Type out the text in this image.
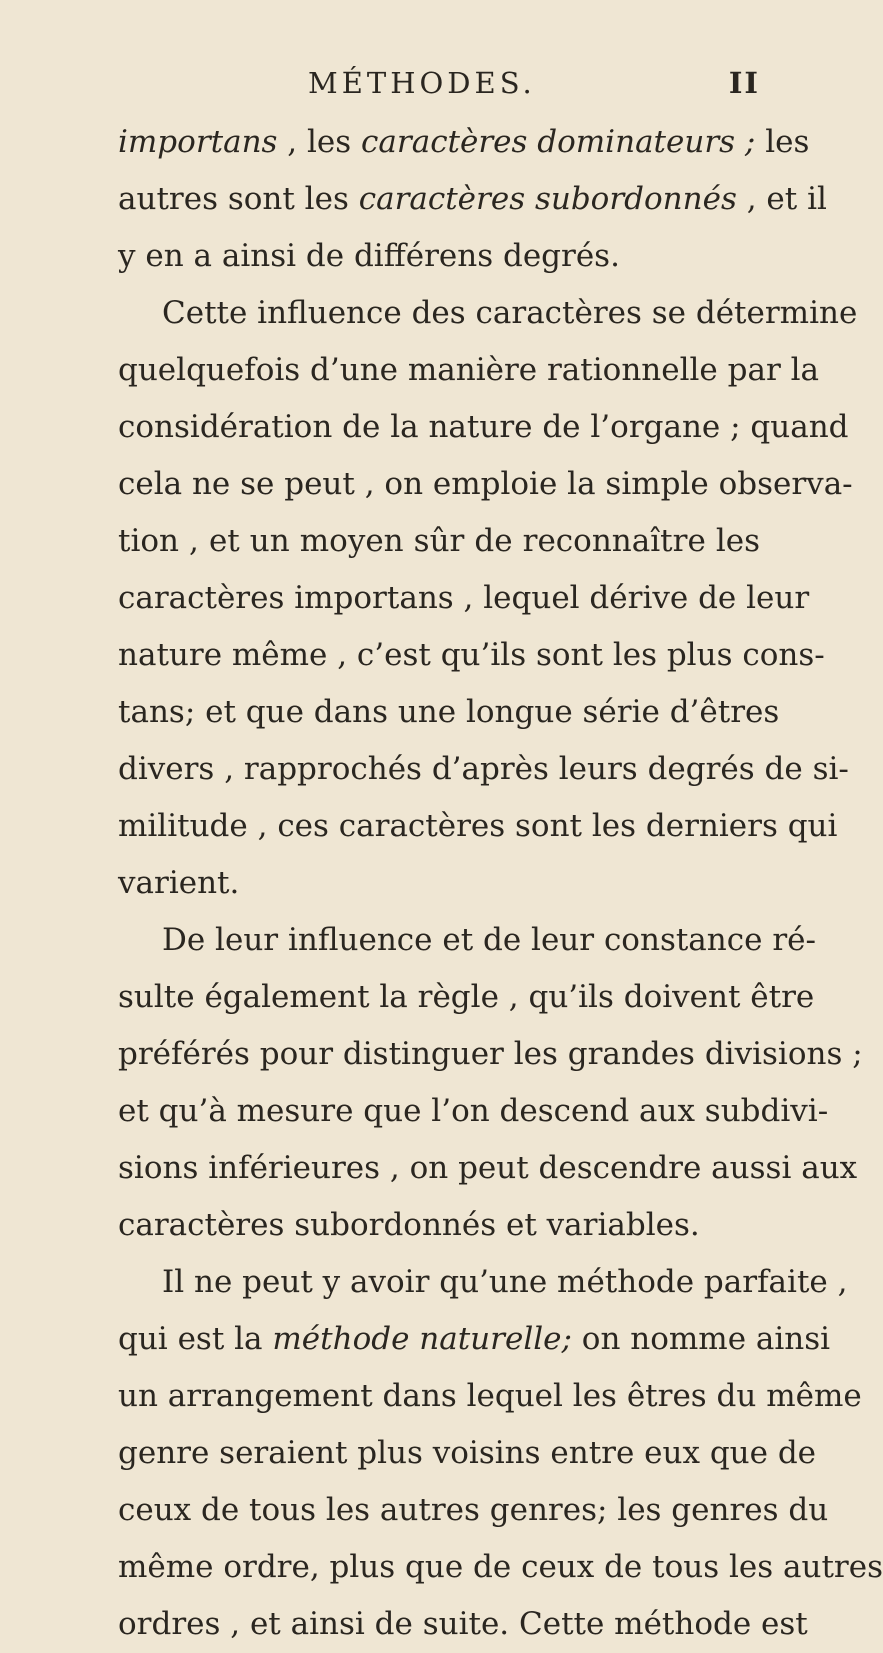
MÉTHODES.	II
importans , les caractères dominateurs ; les
autres sont les caractères subordonnés , et il
y en a ainsi de différens degrés.
Cette influence des caractères se détermine
quelquefois d’une manière rationnelle par la
considération de la nature de l’organe ; quand
cela ne se peut , on emploie la simple observa-
tion , et un moyen sûr de reconnaître les
caractères importans , lequel dérive de leur
nature même , c’est qu’ils sont les plus cons-
tans; et que dans une longue série d’êtres
divers , rapprochés d’après leurs degrés de si-
militude , ces caractères sont les derniers qui
varient.
De leur influence et de leur constance ré-
sulte également la règle , qu’ils doivent être
préférés pour distinguer les grandes divisions ;
et qu’à mesure que l’on descend aux subdivi-
sions inférieures , on peut descendre aussi aux
caractères subordonnés et variables.
Il ne peut y avoir qu’une méthode parfaite ,
qui est la méthode naturelle; on nomme ainsi
un arrangement dans lequel les êtres du même
genre seraient plus voisins entre eux que de
ceux de tous les autres genres; les genres du
même ordre, plus que de ceux de tous les autres
ordres , et ainsi de suite. Cette méthode est
